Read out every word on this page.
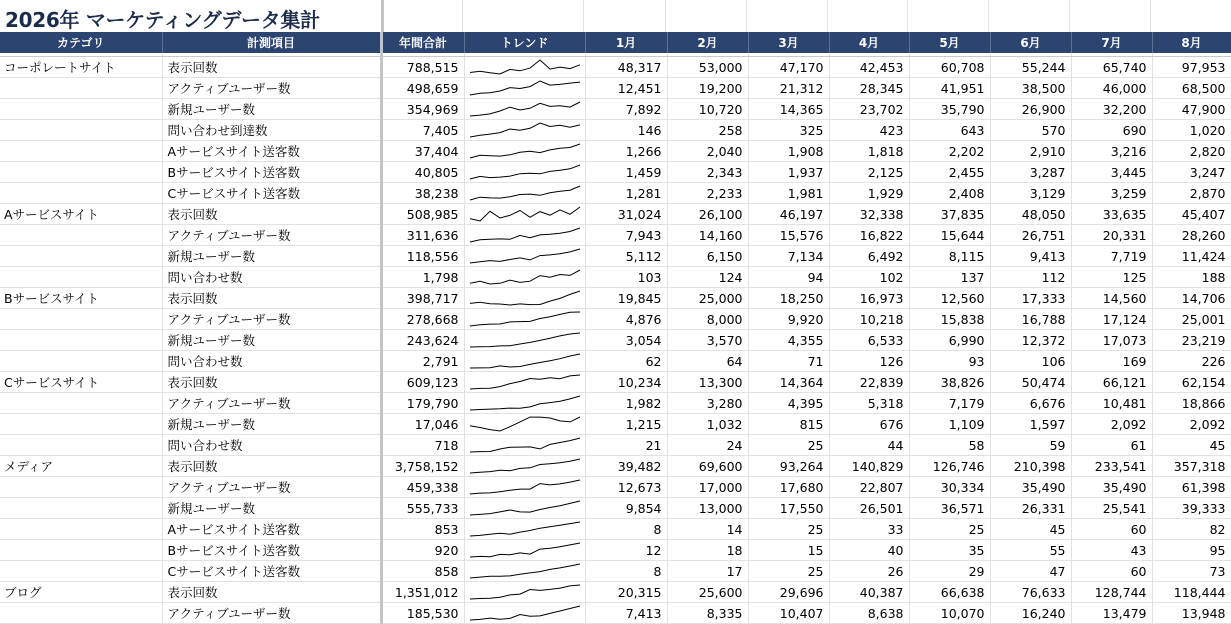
2026年 マーケティングデータ集計
カテゴリ	計測項目	年間合計	トレンド	1月	2月	3月	4月	5月	6月	7月	8月

コーポレートサイト	表示回数	788,515		48,317	53,000	47,170	42,453	60,708	55,244	65,740	97,953
	アクティブユーザー数	498,659		12,451	19,200	21,312	28,345	41,951	38,500	46,000	68,500
	新規ユーザー数	354,969		7,892	10,720	14,365	23,702	35,790	26,900	32,200	47,900
	問い合わせ到達数	7,405		146	258	325	423	643	570	690	1,020
	Aサービスサイト送客数	37,404		1,266	2,040	1,908	1,818	2,202	2,910	3,216	2,820
	Bサービスサイト送客数	40,805		1,459	2,343	1,937	2,125	2,455	3,287	3,445	3,247
	Cサービスサイト送客数	38,238		1,281	2,233	1,981	1,929	2,408	3,129	3,259	2,870
Aサービスサイト	表示回数	508,985		31,024	26,100	46,197	32,338	37,835	48,050	33,635	45,407
	アクティブユーザー数	311,636		7,943	14,160	15,576	16,822	15,644	26,751	20,331	28,260
	新規ユーザー数	118,556		5,112	6,150	7,134	6,492	8,115	9,413	7,719	11,424
	問い合わせ数	1,798		103	124	94	102	137	112	125	188
Bサービスサイト	表示回数	398,717		19,845	25,000	18,250	16,973	12,560	17,333	14,560	14,706
	アクティブユーザー数	278,668		4,876	8,000	9,920	10,218	15,838	16,788	17,124	25,001
	新規ユーザー数	243,624		3,054	3,570	4,355	6,533	6,990	12,372	17,073	23,219
	問い合わせ数	2,791		62	64	71	126	93	106	169	226
Cサービスサイト	表示回数	609,123		10,234	13,300	14,364	22,839	38,826	50,474	66,121	62,154
	アクティブユーザー数	179,790		1,982	3,280	4,395	5,318	7,179	6,676	10,481	18,866
	新規ユーザー数	17,046		1,215	1,032	815	676	1,109	1,597	2,092	2,092
	問い合わせ数	718		21	24	25	44	58	59	61	45
メディア	表示回数	3,758,152		39,482	69,600	93,264	140,829	126,746	210,398	233,541	357,318
	アクティブユーザー数	459,338		12,673	17,000	17,680	22,807	30,334	35,490	35,490	61,398
	新規ユーザー数	555,733		9,854	13,000	17,550	26,501	36,571	26,331	25,541	39,333
	Aサービスサイト送客数	853		8	14	25	33	25	45	60	82
	Bサービスサイト送客数	920		12	18	15	40	35	55	43	95
	Cサービスサイト送客数	858		8	17	25	26	29	47	60	73
ブログ	表示回数	1,351,012		20,315	25,600	29,696	40,387	66,638	76,633	128,744	118,444
	アクティブユーザー数	185,530		7,413	8,335	10,407	8,638	10,070	16,240	13,479	13,948
